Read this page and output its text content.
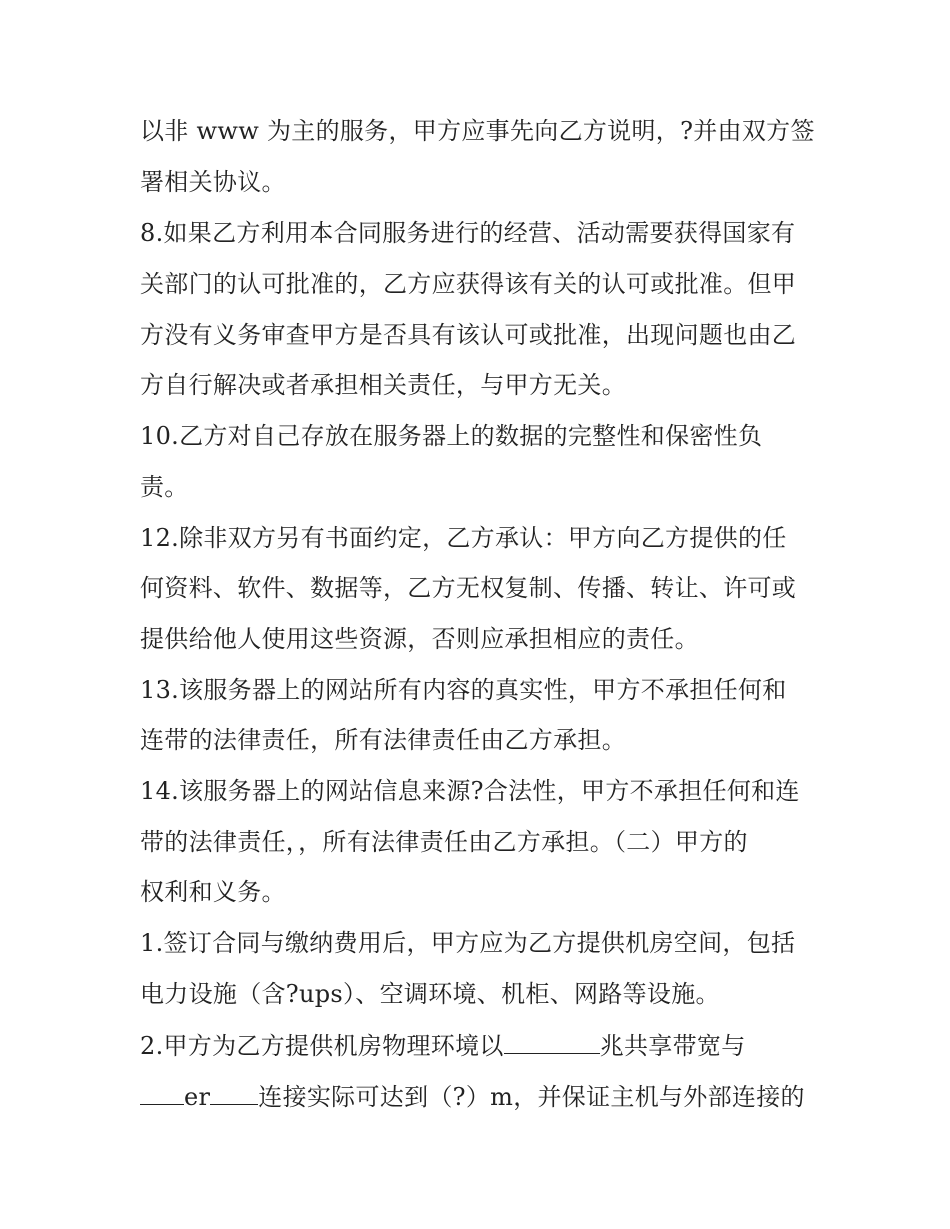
以非 www 为主的服务，甲方应事先向乙方说明，?并由双方签
署相关协议。
8.如果乙方利用本合同服务进行的经营、活动需要获得国家有
关部门的认可批准的，乙方应获得该有关的认可或批准。但甲
方没有义务审查甲方是否具有该认可或批准，出现问题也由乙
方自行解决或者承担相关责任，与甲方无关。
10.乙方对自己存放在服务器上的数据的完整性和保密性负
责。
12.除非双方另有书面约定，乙方承认：甲方向乙方提供的任
何资料、软件、数据等，乙方无权复制、传播、转让、许可或
提供给他人使用这些资源，否则应承担相应的责任。
13.该服务器上的网站所有内容的真实性，甲方不承担任何和
连带的法律责任，所有法律责任由乙方承担。
14.该服务器上的网站信息来源?合法性，甲方不承担任何和连
带的法律责任，，所有法律责任由乙方承担。（二）甲方的
权利和义务。
1.签订合同与缴纳费用后，甲方应为乙方提供机房空间，包括
电力设施（含?ups）、空调环境、机柜、网路等设施。
2.甲方为乙方提供机房物理环境以	兆共享带宽与
er 连接实际可达到（?）m，并保证主机与外部连接的
